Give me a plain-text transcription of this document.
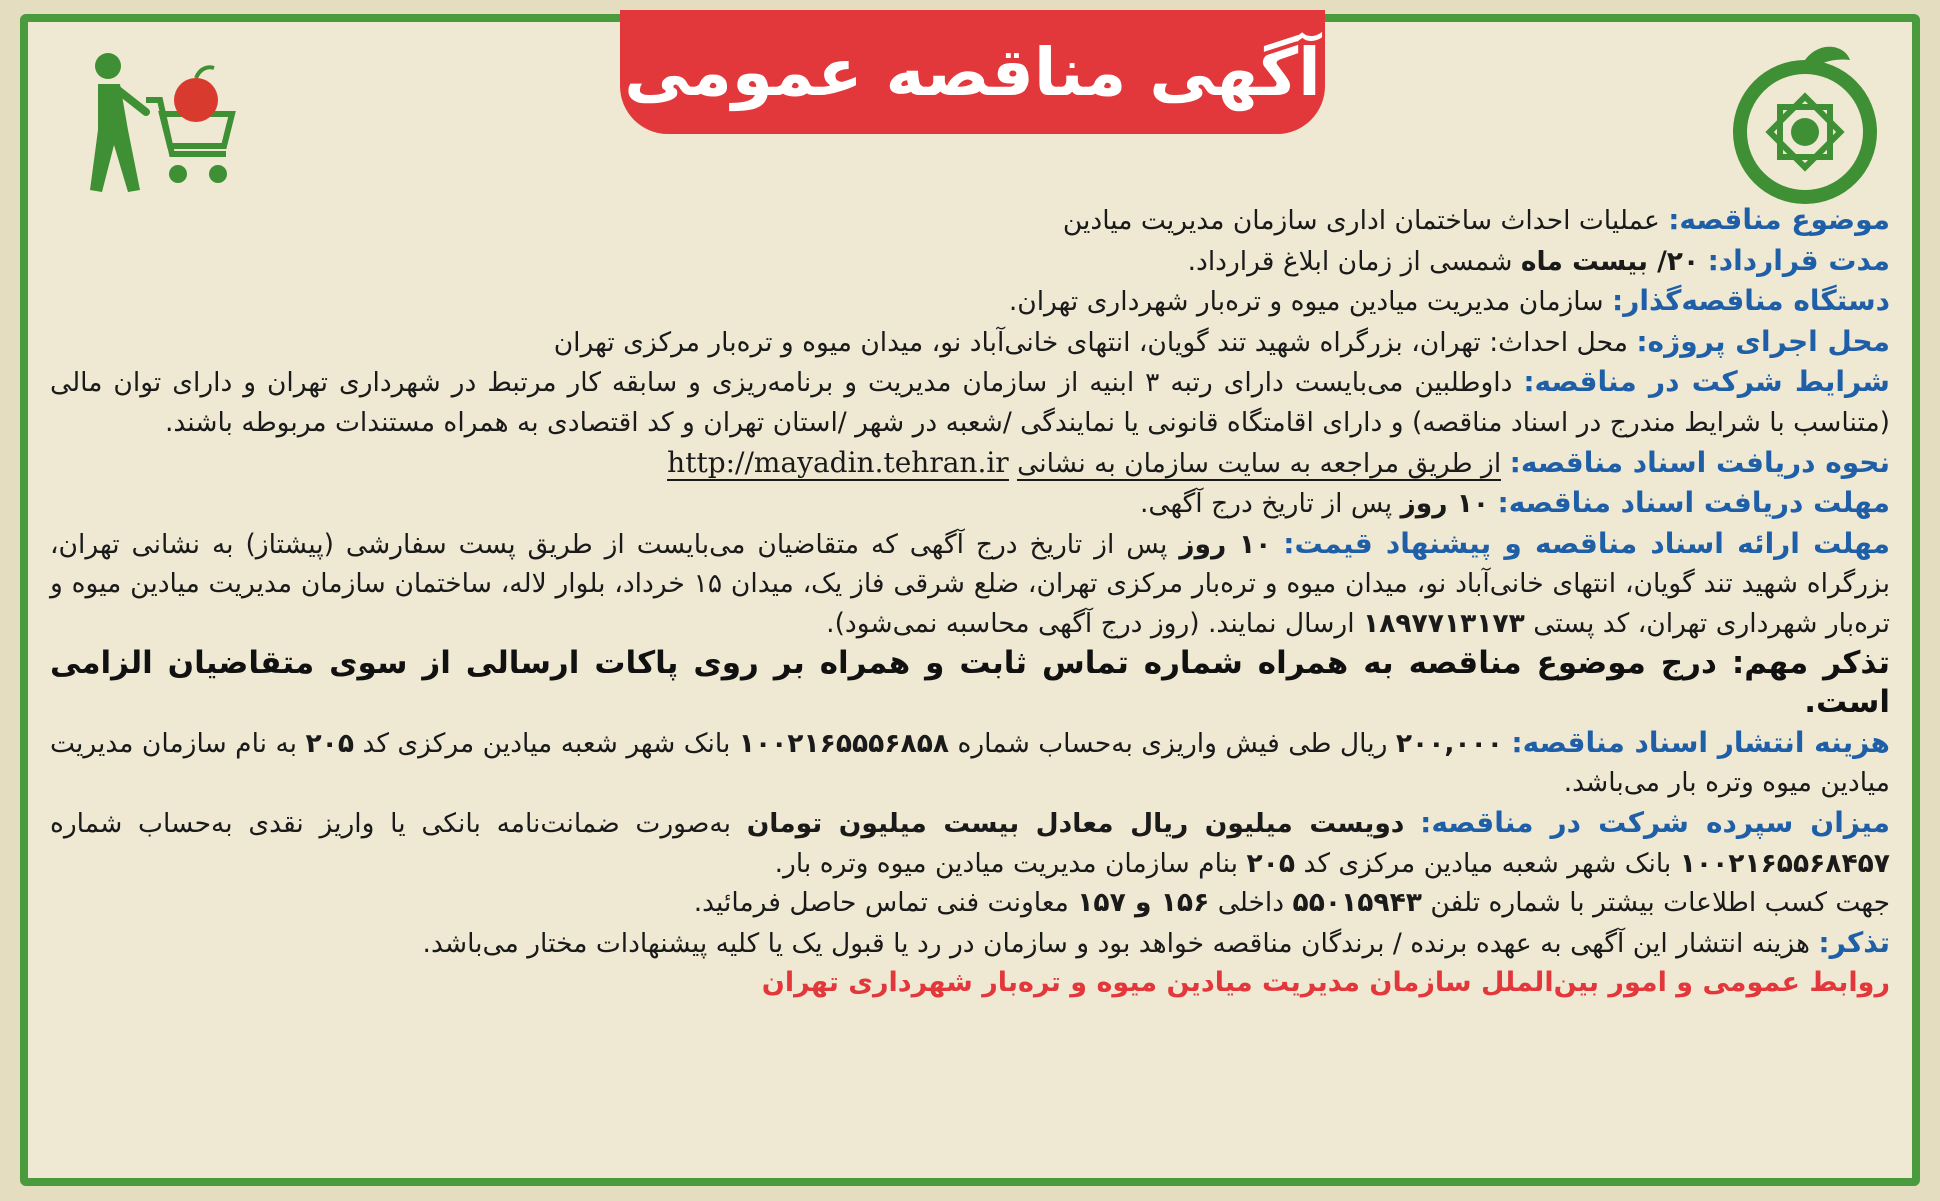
آگهی مناقصه عمومی

موضوع مناقصه: عملیات احداث ساختمان اداری سازمان مدیریت میادین

مدت قرارداد: ۲۰/ بیست ماه شمسی از زمان ابلاغ قرارداد.

دستگاه مناقصه‌گذار: سازمان مدیریت میادین میوه و تره‌بار شهرداری تهران.

محل اجرای پروژه: محل احداث: تهران، بزرگراه شهید تند گویان، انتهای خانی‌آباد نو، میدان میوه و تره‌بار مرکزی تهران

شرایط شرکت در مناقصه: داوطلبین می‌بایست دارای رتبه ۳ ابنیه از سازمان مدیریت و برنامه‌ریزی و سابقه کار مرتبط در شهرداری تهران و دارای توان مالی (متناسب با شرایط مندرج در اسناد مناقصه) و دارای اقامتگاه قانونی یا نمایندگی /شعبه در شهر /استان تهران و کد اقتصادی به همراه مستندات مربوطه باشند.

نحوه دریافت اسناد مناقصه: از طریق مراجعه به سایت سازمان به نشانی http://mayadin.tehran.ir

مهلت دریافت اسناد مناقصه: ۱۰ روز پس از تاریخ درج آگهی.

مهلت ارائه اسناد مناقصه و پیشنهاد قیمت: ۱۰ روز پس از تاریخ درج آگهی که متقاضیان می‌بایست از طریق پست سفارشی (پیشتاز) به نشانی تهران، بزرگراه شهید تند گویان، انتهای خانی‌آباد نو، میدان میوه و تره‌بار مرکزی تهران، ضلع شرقی فاز یک، میدان ۱۵ خرداد، بلوار لاله، ساختمان سازمان مدیریت میادین میوه و تره‌بار شهرداری تهران، کد پستی ۱۸۹۷۷۱۳۱۷۳ ارسال نمایند. (روز درج آگهی محاسبه نمی‌شود).

تذکر مهم: درج موضوع مناقصه به همراه شماره تماس ثابت و همراه بر روی پاکات ارسالی از سوی متقاضیان الزامی است.

هزینه انتشار اسناد مناقصه: ۲۰۰,۰۰۰ ریال طی فیش واریزی به‌حساب شماره ۱۰۰۲۱۶۵۵۵۶۸۵۸ بانک شهر شعبه میادین مرکزی کد ۲۰۵ به نام سازمان مدیریت میادین میوه وتره بار می‌باشد.

میزان سپرده شرکت در مناقصه: دویست میلیون ریال معادل بیست میلیون تومان به‌صورت ضمانت‌نامه بانکی یا واریز نقدی به‌حساب شماره ۱۰۰۲۱۶۵۵۶۸۴۵۷ بانک شهر شعبه میادین مرکزی کد ۲۰۵ بنام سازمان مدیریت میادین میوه وتره بار.

جهت کسب اطلاعات بیشتر با شماره تلفن ۵۵۰۱۵۹۴۳ داخلی ۱۵۶ و ۱۵۷ معاونت فنی تماس حاصل فرمائید.

تذکر: هزینه انتشار این آگهی به عهده برنده / برندگان مناقصه خواهد بود و سازمان در رد یا قبول یک یا کلیه پیشنهادات مختار می‌باشد.

روابط عمومی و امور بین‌الملل سازمان مدیریت میادین میوه و تره‌بار شهرداری تهران
